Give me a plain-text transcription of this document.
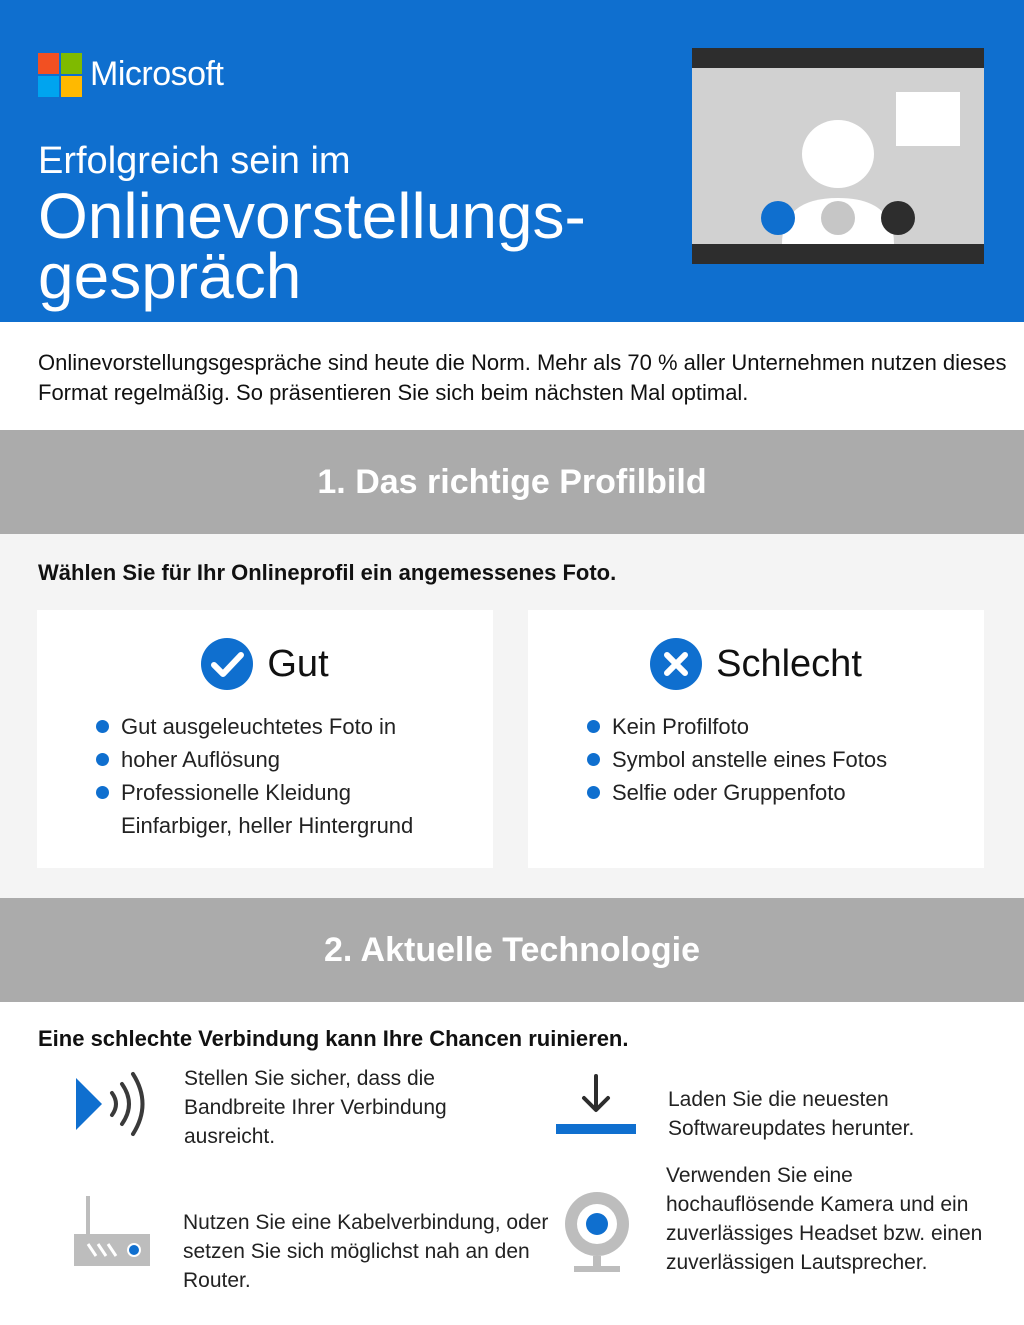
Microsoft
Erfolgreich sein im
Onlinevorstellungs-gespräch
Onlinevorstellungsgespräche sind heute die Norm. Mehr als 70 % aller Unternehmen nutzen dieses Format regelmäßig. So präsentieren Sie sich beim nächsten Mal optimal.
1. Das richtige Profilbild
Wählen Sie für Ihr Onlineprofil ein angemessenes Foto.
Gut
Gut ausgeleuchtetes Foto in
hoher Auflösung
Professionelle Kleidung
Einfarbiger, heller Hintergrund
Schlecht
Kein Profilfoto
Symbol anstelle eines Fotos
Selfie oder Gruppenfoto
2. Aktuelle Technologie
Eine schlechte Verbindung kann Ihre Chancen ruinieren.
Stellen Sie sicher, dass die Bandbreite Ihrer Verbindung ausreicht.
Laden Sie die neuesten Softwareupdates herunter.
Nutzen Sie eine Kabelverbindung, oder setzen Sie sich möglichst nah an den Router.
Verwenden Sie eine hochauflösende Kamera und ein zuverlässiges Headset bzw. einen zuverlässigen Lautsprecher.
